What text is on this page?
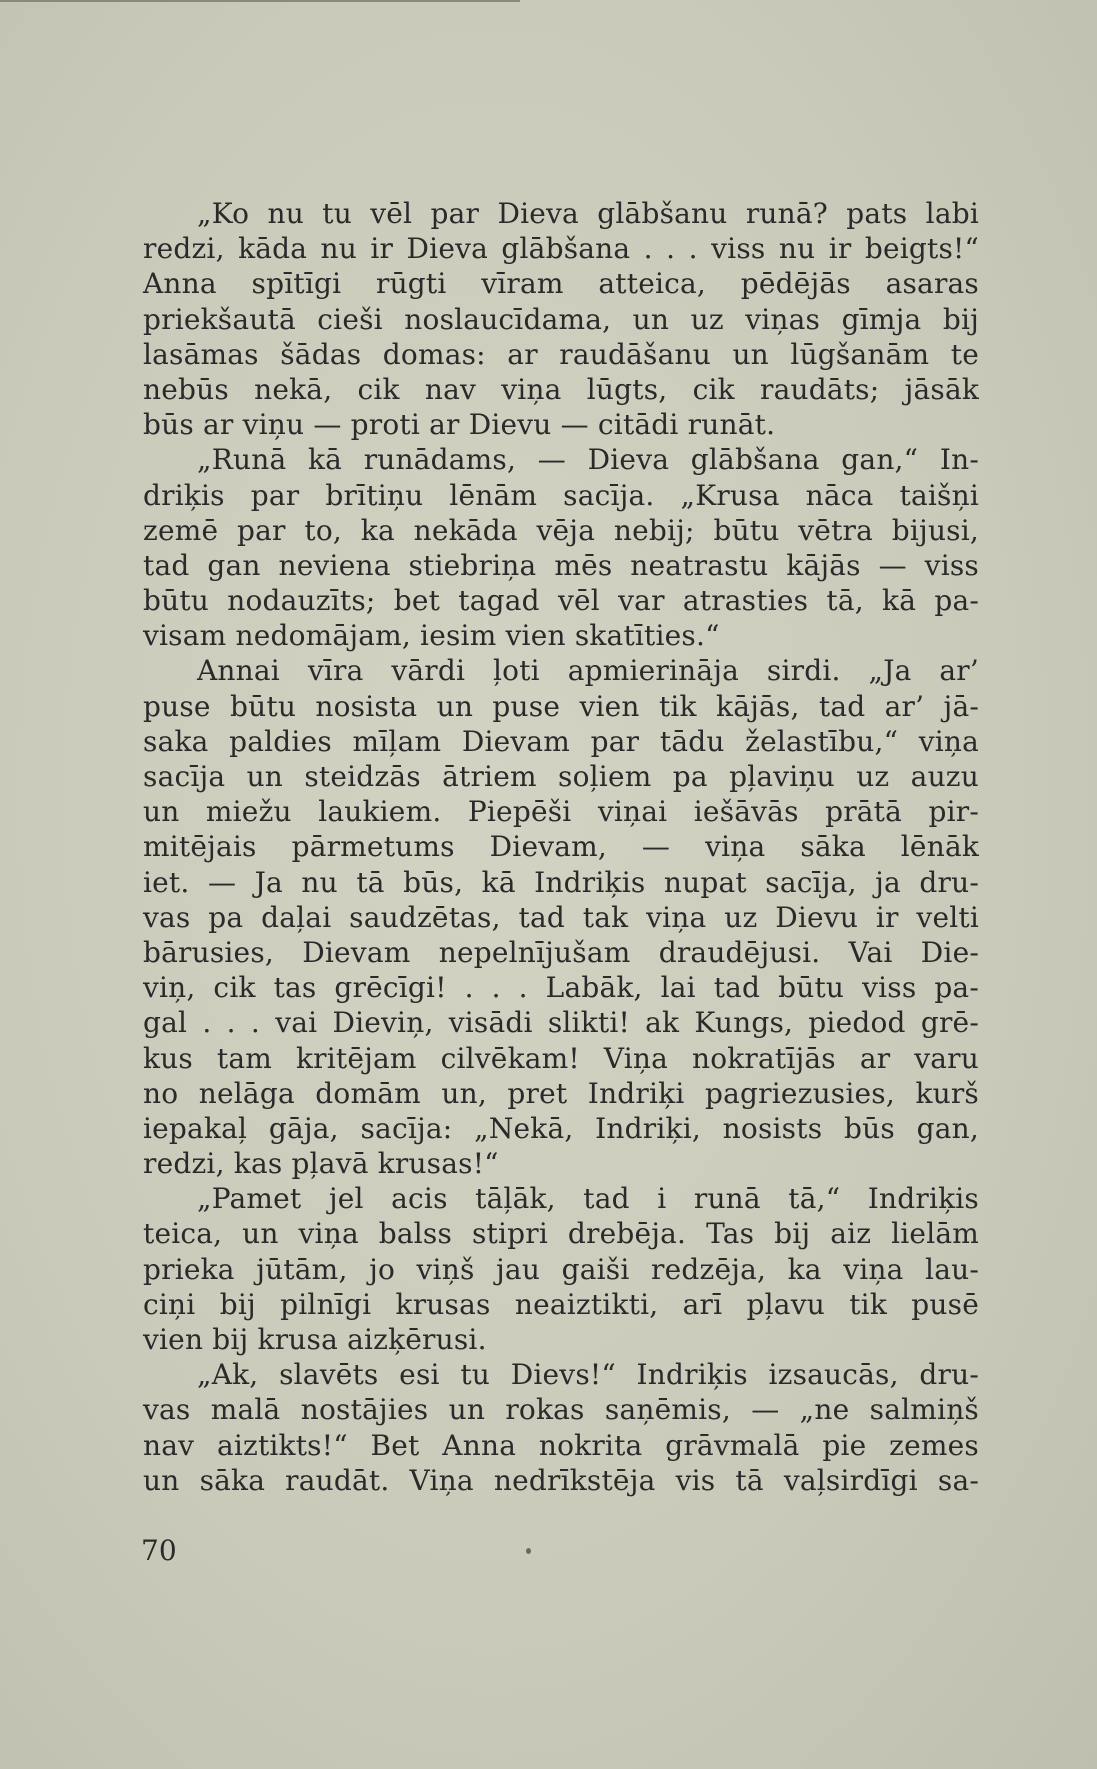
„Ko nu tu vēl par Dieva glābšanu runā? pats labi
redzi, kāda nu ir Dieva glābšana . . . viss nu ir beigts!“
Anna spītīgi rūgti vīram atteica, pēdējās asaras
priekšautā cieši noslaucīdama, un uz viņas gīmja bij
lasāmas šādas domas: ar raudāšanu un lūgšanām te
nebūs nekā, cik nav viņa lūgts, cik raudāts; jāsāk
būs ar viņu — proti ar Dievu — citādi runāt.
„Runā kā runādams, — Dieva glābšana gan,“ In-
driķis par brītiņu lēnām sacīja. „Krusa nāca taišņi
zemē par to, ka nekāda vēja nebij; būtu vētra bijusi,
tad gan neviena stiebriņa mēs neatrastu kājās — viss
būtu nodauzīts; bet tagad vēl var atrasties tā, kā pa-
visam nedomājam, iesim vien skatīties.“
Annai vīra vārdi ļoti apmierināja sirdi. „Ja ar’
puse būtu nosista un puse vien tik kājās, tad ar’ jā-
saka paldies mīļam Dievam par tādu želastību,“ viņa
sacīja un steidzās ātriem soļiem pa pļaviņu uz auzu
un miežu laukiem. Piepēši viņai iešāvās prātā pir-
mitējais pārmetums Dievam, — viņa sāka lēnāk
iet. — Ja nu tā būs, kā Indriķis nupat sacīja, ja dru-
vas pa daļai saudzētas, tad tak viņa uz Dievu ir velti
bārusies, Dievam nepelnījušam draudējusi. Vai Die-
viņ, cik tas grēcīgi! . . . Labāk, lai tad būtu viss pa-
gal . . . vai Dieviņ, visādi slikti! ak Kungs, piedod grē-
kus tam kritējam cilvēkam! Viņa nokratījās ar varu
no nelāga domām un, pret Indriķi pagriezusies, kurš
iepakaļ gāja, sacīja: „Nekā, Indriķi, nosists būs gan,
redzi, kas pļavā krusas!“
„Pamet jel acis tāļāk, tad i runā tā,“ Indriķis
teica, un viņa balss stipri drebēja. Tas bij aiz lielām
prieka jūtām, jo viņš jau gaiši redzēja, ka viņa lau-
ciņi bij pilnīgi krusas neaiztikti, arī pļavu tik pusē
vien bij krusa aizķērusi.
„Ak, slavēts esi tu Dievs!“ Indriķis izsaucās, dru-
vas malā nostājies un rokas saņēmis, — „ne salmiņš
nav aiztikts!“ Bet Anna nokrita grāvmalā pie zemes
un sāka raudāt. Viņa nedrīkstēja vis tā vaļsirdīgi sa-
70
